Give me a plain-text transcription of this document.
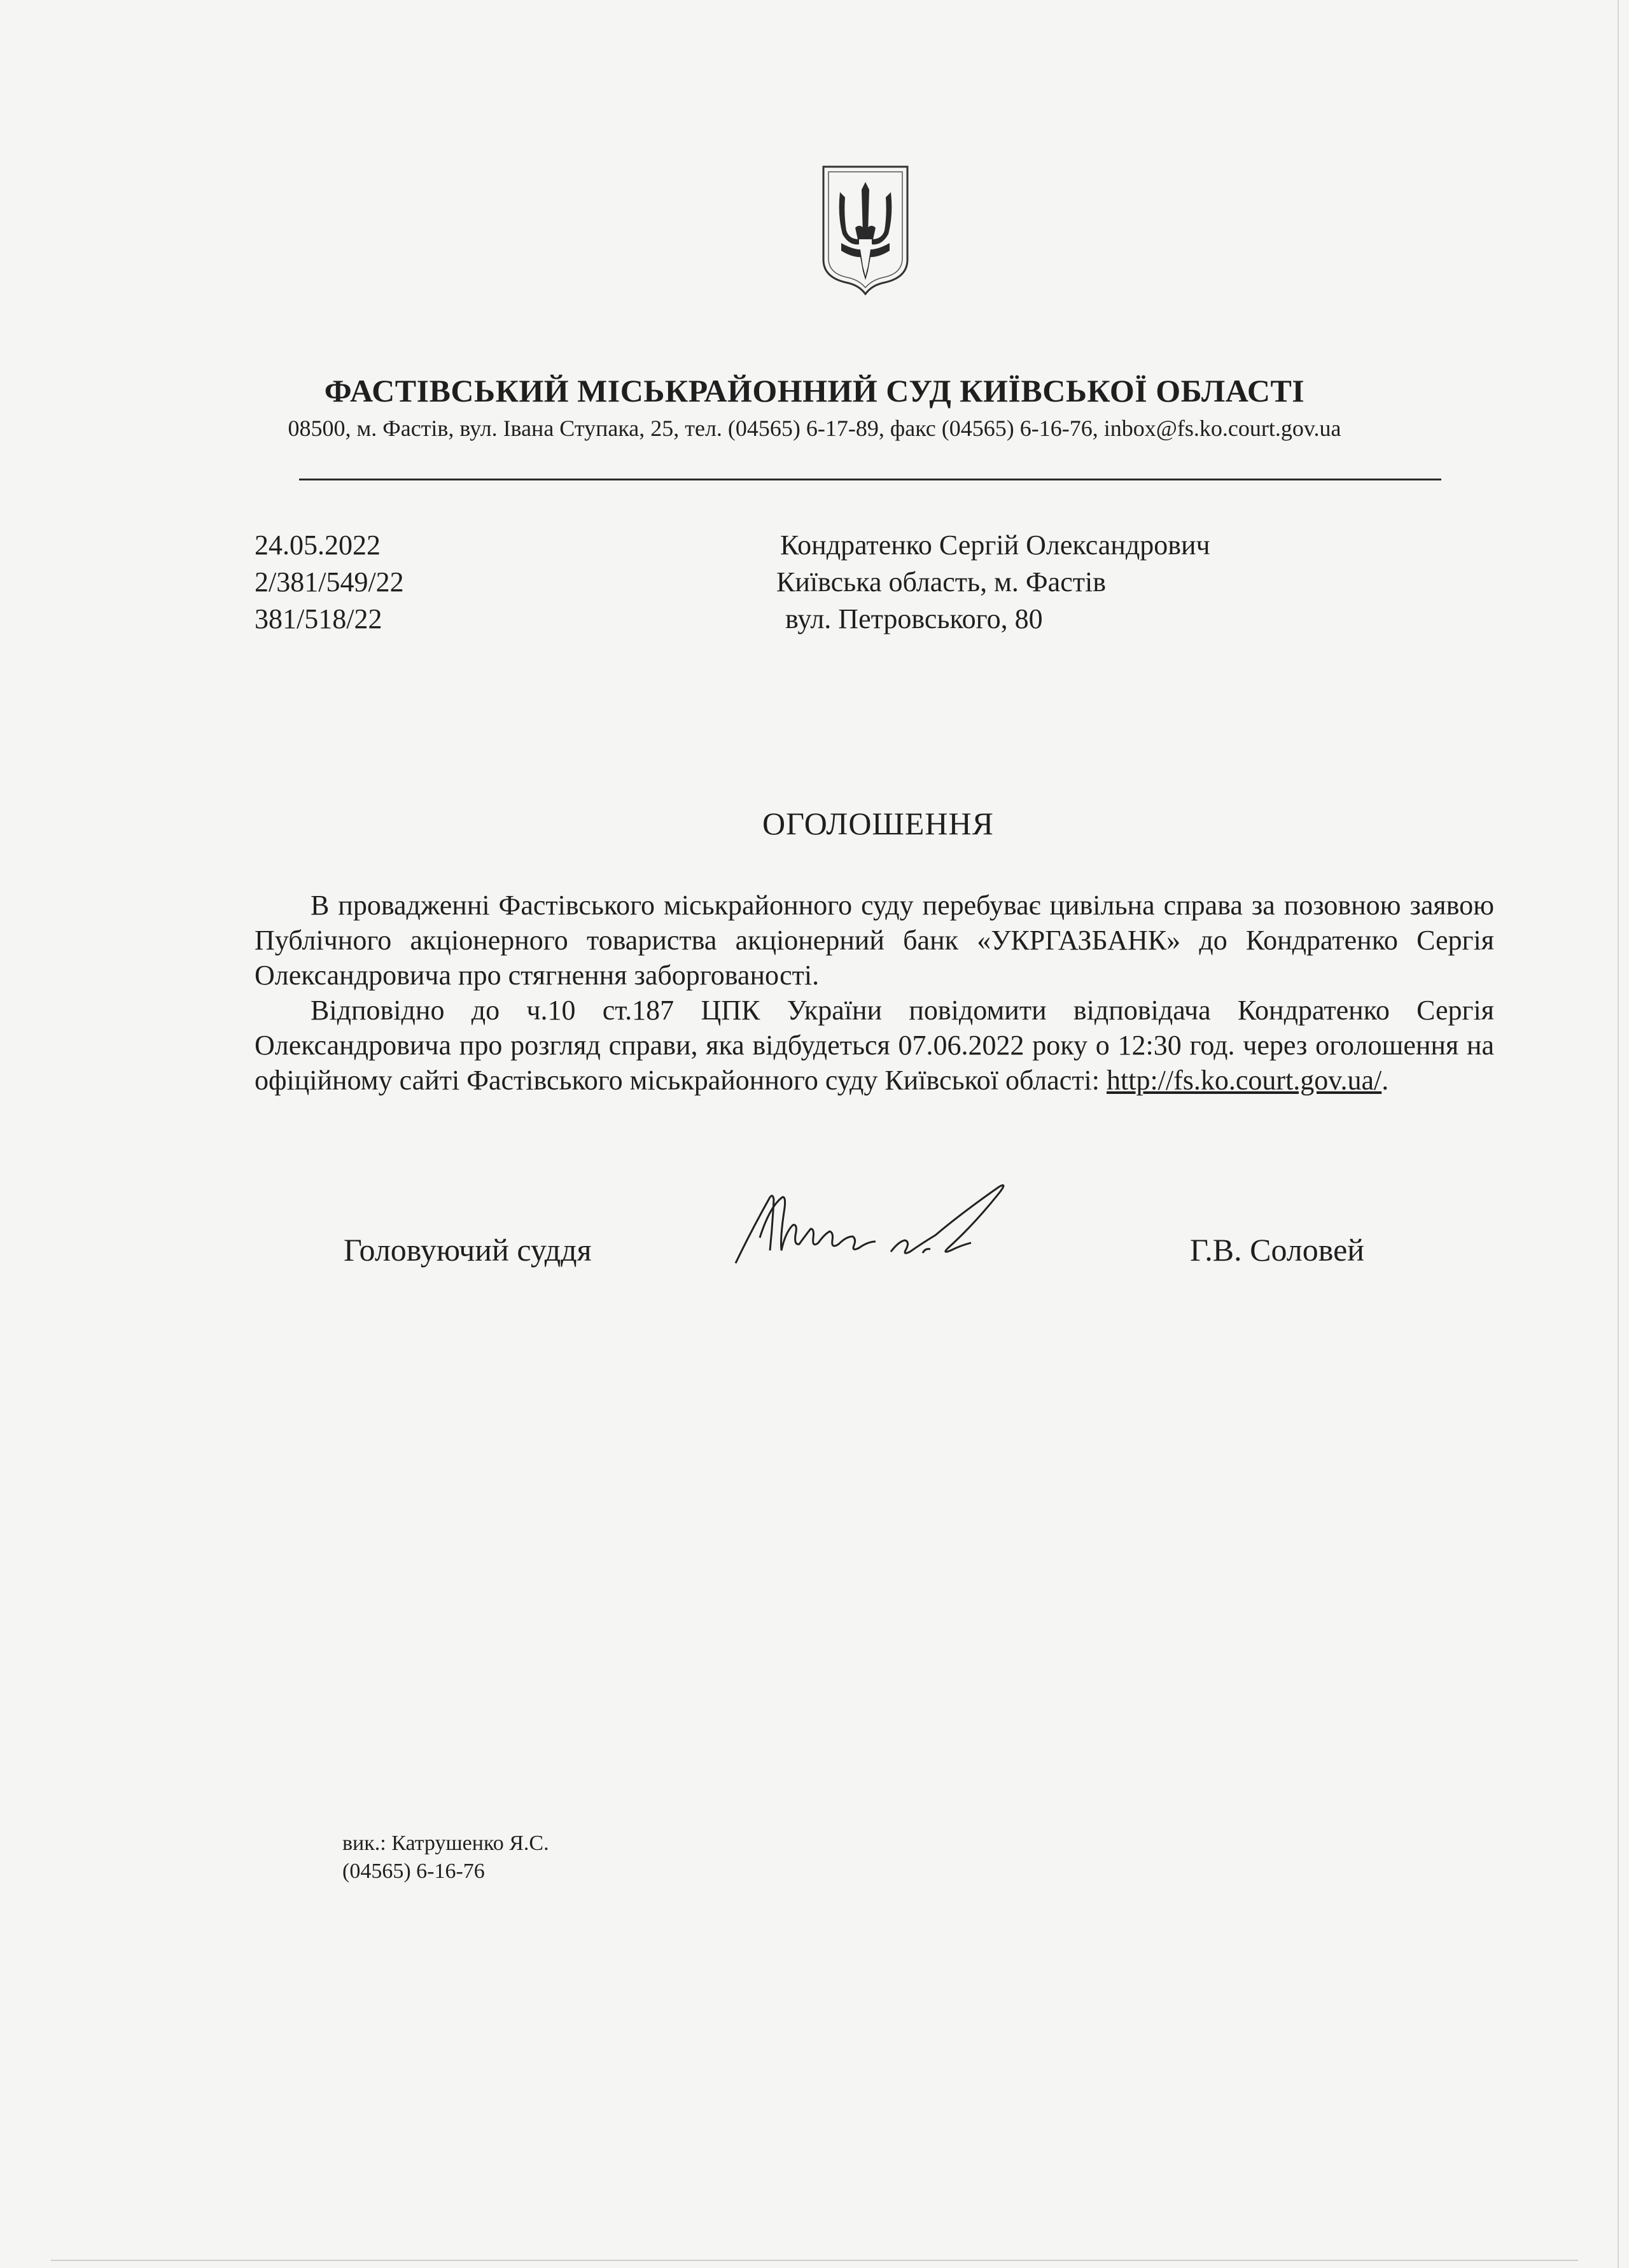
ФАСТІВСЬКИЙ МІСЬКРАЙОННИЙ СУД КИЇВСЬКОЇ ОБЛАСТІ
08500, м. Фастів, вул. Івана Ступака, 25, тел. (04565) 6-17-89, факс (04565) 6-16-76, inbox@fs.ko.court.gov.ua
24.05.2022
2/381/549/22
381/518/22
Кондратенко Сергій Олександрович
Київська область, м. Фастів
вул. Петровського, 80
ОГОЛОШЕННЯ

В провадженні Фастівського міськрайонного суду перебуває цивільна справа за позовною заявою Публічного акціонерного товариства акціонерний банк «УКРГАЗБАНК» до Кондратенко Сергія Олександровича про стягнення заборгованості.

Відповідно до ч.10 ст.187 ЦПК України повідомити відповідача Кондратенко Сергія Олександровича про розгляд справи, яка відбудеться 07.06.2022 року о 12:30 год. через оголошення на офіційному сайті Фастівського міськрайонного суду Київської області: http://fs.ko.court.gov.ua/.

Головуючий суддя	Г.В. Соловей
вик.: Катрушенко Я.С.
(04565) 6-16-76
